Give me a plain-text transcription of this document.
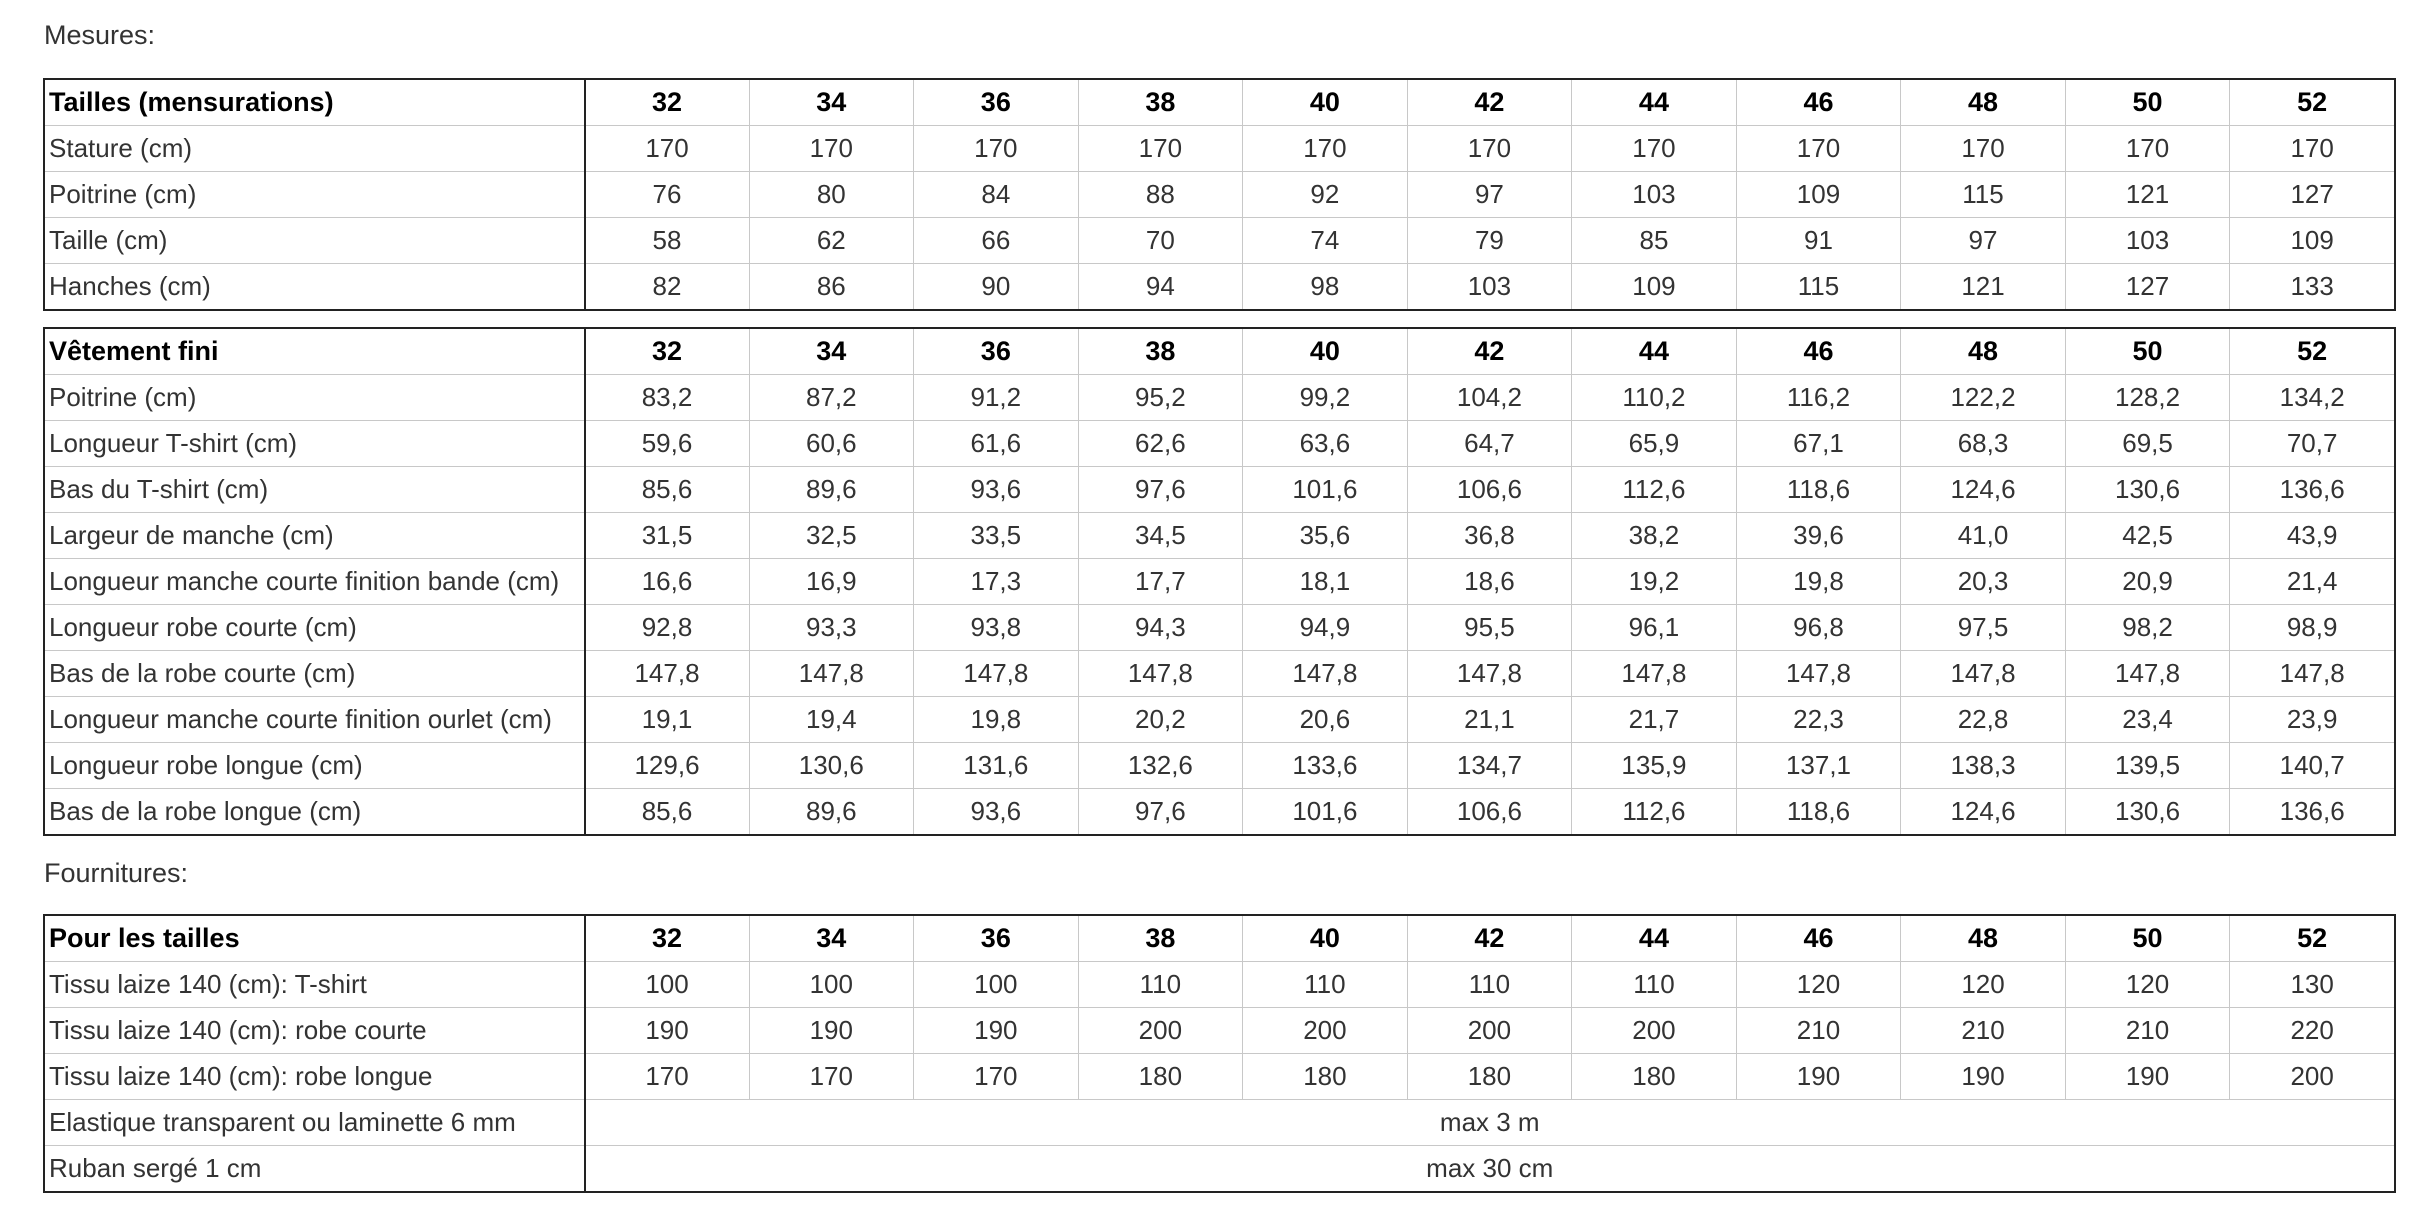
Mesures:
Tailles (mensurations)	32	34	36	38	40	42	44	46	48	50	52
Stature (cm)	170	170	170	170	170	170	170	170	170	170	170
Poitrine (cm)	76	80	84	88	92	97	103	109	115	121	127
Taille (cm)	58	62	66	70	74	79	85	91	97	103	109
Hanches (cm)	82	86	90	94	98	103	109	115	121	127	133
Vêtement fini	32	34	36	38	40	42	44	46	48	50	52
Poitrine (cm)	83,2	87,2	91,2	95,2	99,2	104,2	110,2	116,2	122,2	128,2	134,2
Longueur T-shirt (cm)	59,6	60,6	61,6	62,6	63,6	64,7	65,9	67,1	68,3	69,5	70,7
Bas du T-shirt (cm)	85,6	89,6	93,6	97,6	101,6	106,6	112,6	118,6	124,6	130,6	136,6
Largeur de manche (cm)	31,5	32,5	33,5	34,5	35,6	36,8	38,2	39,6	41,0	42,5	43,9
Longueur manche courte finition bande (cm)	16,6	16,9	17,3	17,7	18,1	18,6	19,2	19,8	20,3	20,9	21,4
Longueur robe courte (cm)	92,8	93,3	93,8	94,3	94,9	95,5	96,1	96,8	97,5	98,2	98,9
Bas de la robe courte (cm)	147,8	147,8	147,8	147,8	147,8	147,8	147,8	147,8	147,8	147,8	147,8
Longueur manche courte finition ourlet (cm)	19,1	19,4	19,8	20,2	20,6	21,1	21,7	22,3	22,8	23,4	23,9
Longueur robe longue (cm)	129,6	130,6	131,6	132,6	133,6	134,7	135,9	137,1	138,3	139,5	140,7
Bas de la robe longue (cm)	85,6	89,6	93,6	97,6	101,6	106,6	112,6	118,6	124,6	130,6	136,6
Fournitures:
Pour les tailles	32	34	36	38	40	42	44	46	48	50	52
Tissu laize 140 (cm): T-shirt	100	100	100	110	110	110	110	120	120	120	130
Tissu laize 140 (cm): robe courte	190	190	190	200	200	200	200	210	210	210	220
Tissu laize 140 (cm): robe longue	170	170	170	180	180	180	180	190	190	190	200
Elastique transparent ou laminette 6 mm	max 3 m										
Ruban sergé 1 cm	max 30 cm										
